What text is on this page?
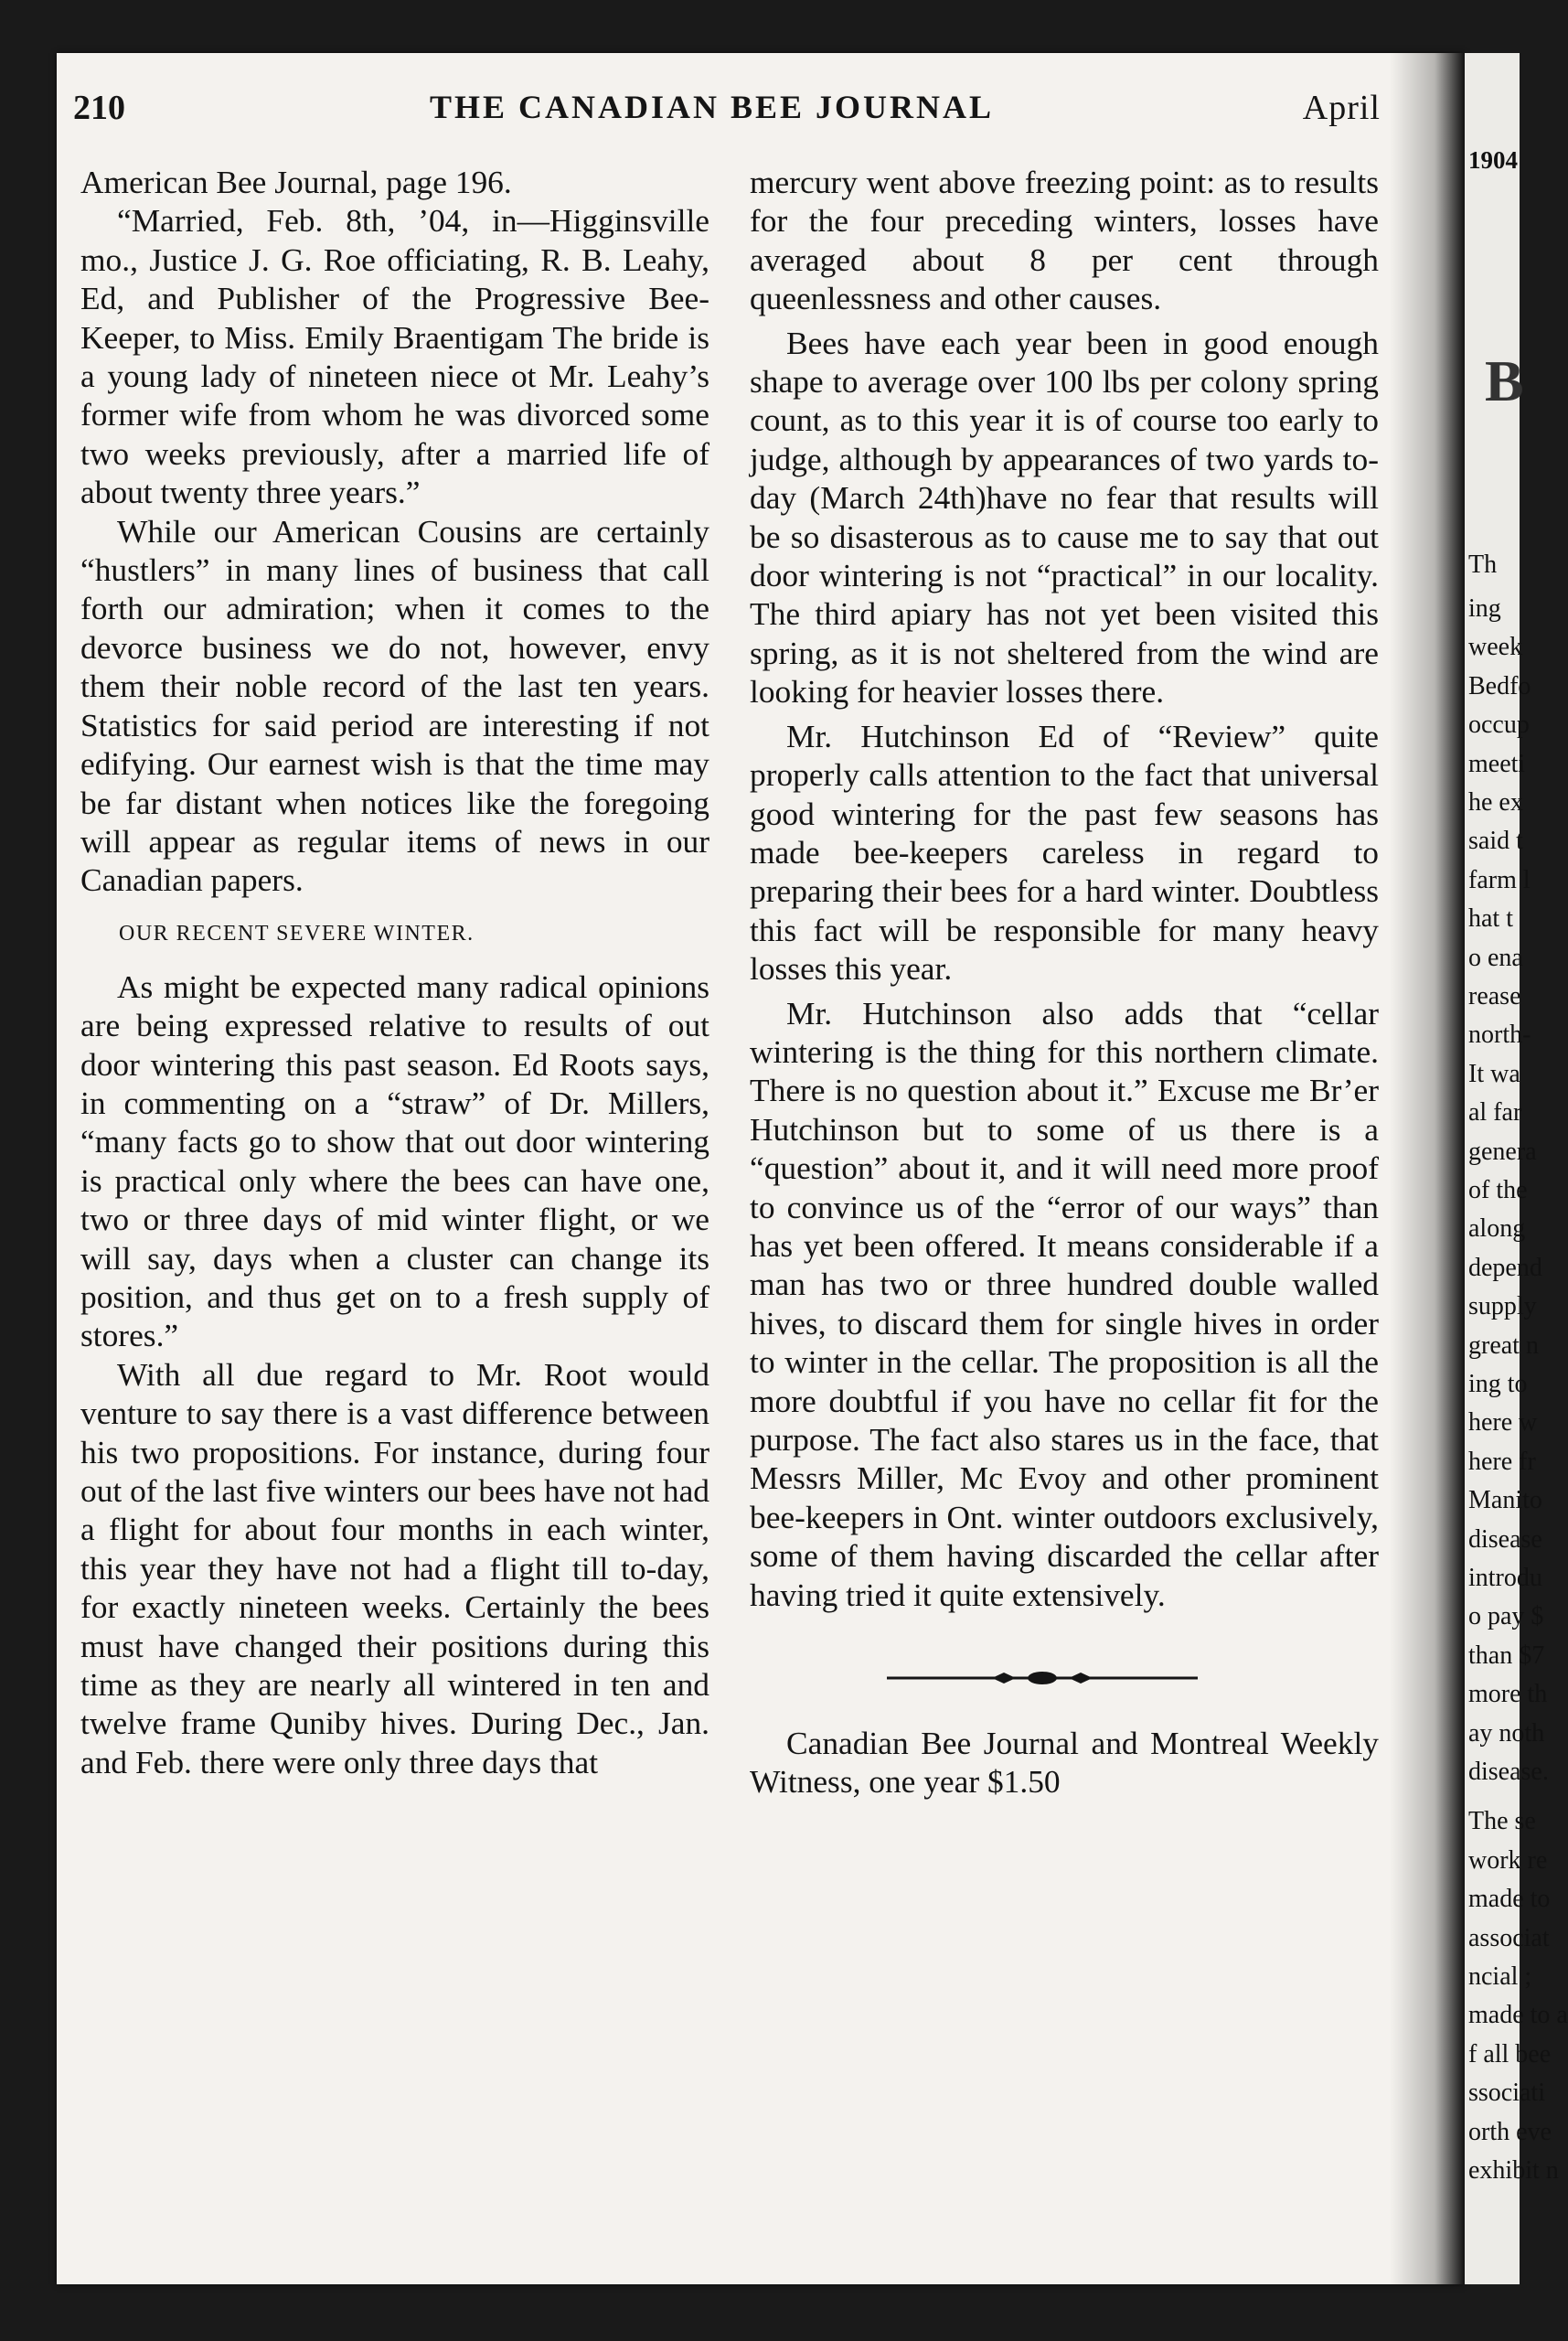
210	THE CANADIAN BEE JOURNAL	April

American Bee Journal, page 196.

“Married, Feb. 8th, ’04, in—Higginsville mo., Justice J. G. Roe officiating, R. B. Leahy, Ed, and Publisher of the Progressive Bee-Keeper, to Miss. Emily Braentigam The bride is a young lady of nineteen niece ot Mr. Leahy’s former wife from whom he was divorced some two weeks previously, after a married life of about twenty three years.”

While our American Cousins are certainly “hustlers” in many lines of business that call forth our admiration; when it comes to the devorce business we do not, however, envy them their noble record of the last ten years. Statistics for said period are interesting if not edifying. Our earnest wish is that the time may be far distant when notices like the foregoing will appear as regular items of news in our Canadian papers.

OUR RECENT SEVERE WINTER.

As might be expected many radical opinions are being expressed relative to results of out door wintering this past season. Ed Roots says, in commenting on a “straw” of Dr. Millers, “many facts go to show that out door wintering is practical only where the bees can have one, two or three days of mid winter flight, or we will say, days when a cluster can change its position, and thus get on to a fresh supply of stores.”

With all due regard to Mr. Root would venture to say there is a vast difference between his two propositions. For instance, during four out of the last five winters our bees have not had a flight for about four months in each winter, this year they have not had a flight till to-day, for exactly nineteen weeks. Certainly the bees must have changed their positions during this time as they are nearly all wintered in ten and twelve frame Quniby hives. During Dec., Jan. and Feb. there were only three days that

mercury went above freezing point: as to results for the four preceding winters, losses have averaged about 8 per cent through queenlessness and other causes.

Bees have each year been in good enough shape to average over 100 lbs per colony spring count, as to this year it is of course too early to judge, although by appearances of two yards to-day (March 24th)have no fear that results will be so disasterous as to cause me to say that out door wintering is not “practical” in our locality. The third apiary has not yet been visited this spring, as it is not sheltered from the wind are looking for heavier losses there.

Mr. Hutchinson Ed of “Review” quite properly calls attention to the fact that universal good wintering for the past few seasons has made bee-keepers careless in regard to preparing their bees for a hard winter. Doubtless this fact will be responsible for many heavy losses this year.

Mr. Hutchinson also adds that “cellar wintering is the thing for this northern climate. There is no question about it.” Excuse me Br’er Hutchinson but to some of us there is a “question” about it, and it will need more proof to convince us of the “error of our ways” than has yet been offered. It means considerable if a man has two or three hundred double walled hives, to discard them for single hives in order to winter in the cellar. The proposition is all the more doubtful if you have no cellar fit for the purpose. The fact also stares us in the face, that Messrs Miller, Mc Evoy and other prominent bee-keepers in Ont. winter outdoors exclusively, some of them having discarded the cellar after having tried it quite extensively.

Canadian Bee Journal and Montreal Weekly Witness, one year $1.50

1904
B
Th
ing
week
Bedfo
occup
meeti
he ex
said t
farm l
hat t
o ena
rease
north-
It wa
al far
genera
of the
along
depend
supply
great n
ing to
here w
here fr
Manito
disease
introdu
o pay $
than $7
more th
ay noth
disease.
The se
work re
made to
associat
ncial ;
made to a
f all bee
ssociati
orth eve
exhibit n
